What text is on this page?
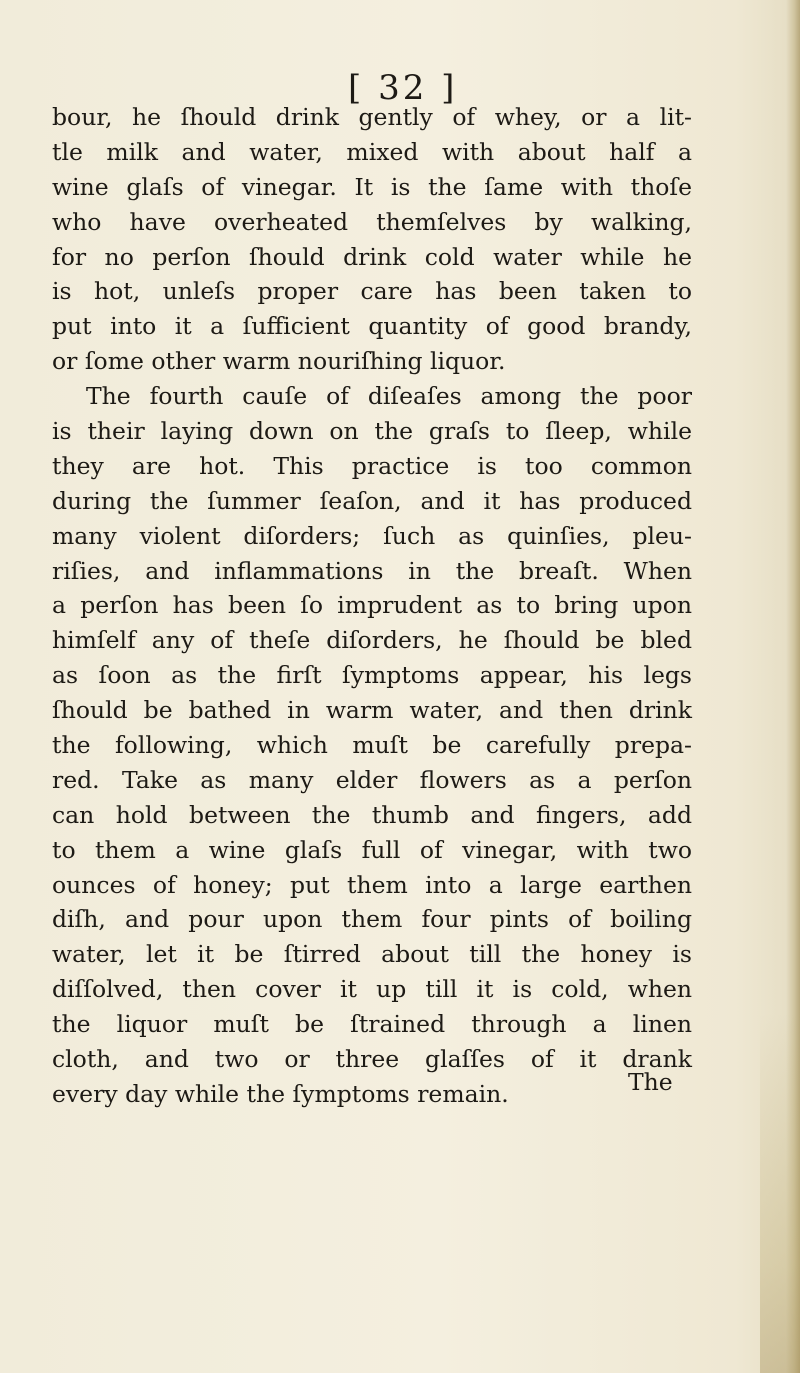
[ 32 ]
bour, he ſhould drink gently of whey, or a lit-
tle milk and water, mixed with about half a
wine glaſs of vinegar. It is the ſame with thoſe
who have overheated themſelves by walking,
for no perſon ſhould drink cold water while he
is hot, unleſs proper care has been taken to
put into it a ſufficient quantity of good brandy,
or ſome other warm nouriſhing liquor.
The fourth cauſe of diſeaſes among the poor
is their laying down on the graſs to ſleep, while
they are hot. This practice is too common
during the ſummer ſeaſon, and it has produced
many violent diſorders; ſuch as quinſies, pleu-
riſies, and inflammations in the breaſt. When
a perſon has been ſo imprudent as to bring upon
himſelf any of theſe diſorders, he ſhould be bled
as ſoon as the firſt ſymptoms appear, his legs
ſhould be bathed in warm water, and then drink
the following, which muſt be carefully prepa-
red. Take as many elder flowers as a perſon
can hold between the thumb and fingers, add
to them a wine glaſs full of vinegar, with two
ounces of honey; put them into a large earthen
diſh, and pour upon them four pints of boiling
water, let it be ſtirred about till the honey is
diſſolved, then cover it up till it is cold, when
the liquor muſt be ſtrained through a linen
cloth, and two or three glaſſes of it drank
every day while the ſymptoms remain.	The
